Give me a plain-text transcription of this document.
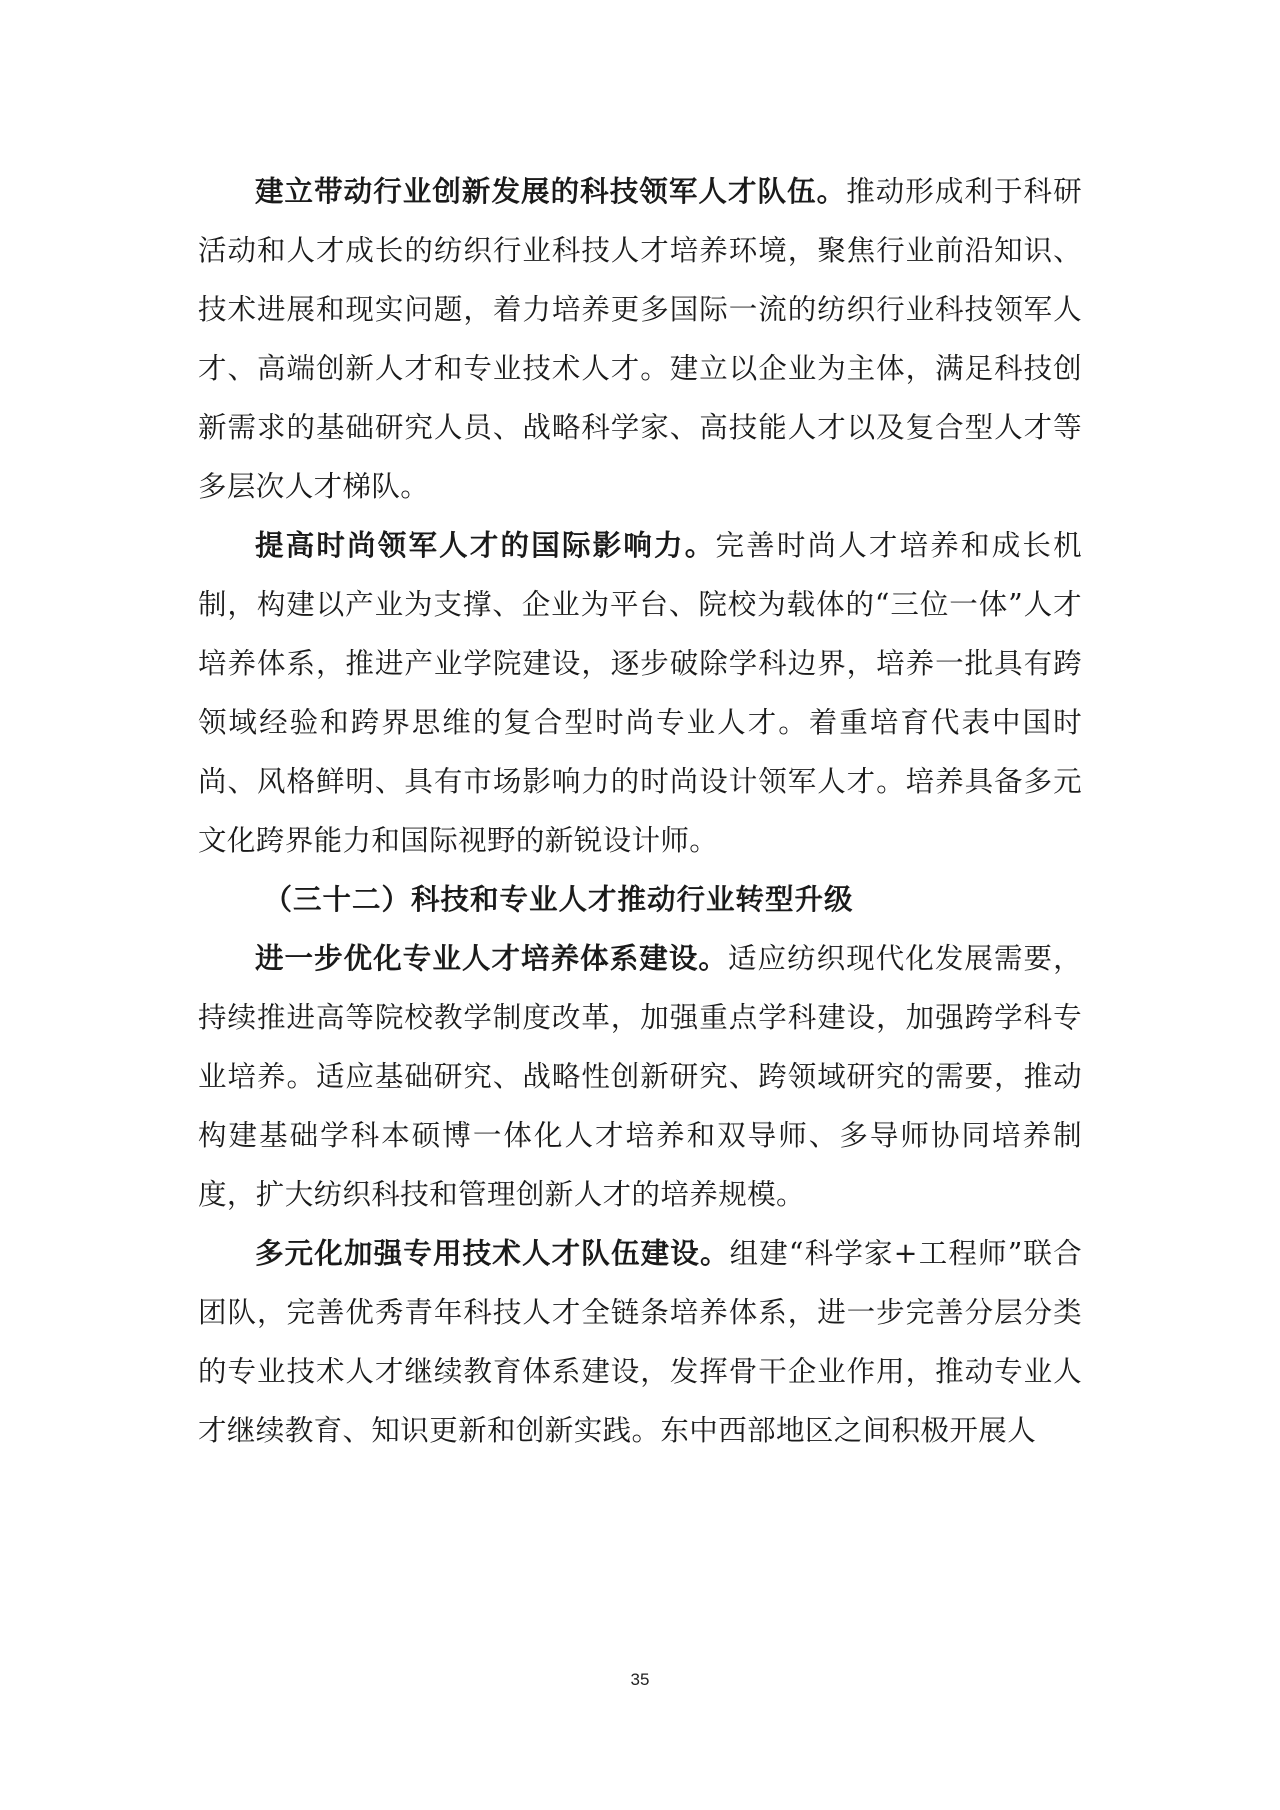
建立带动行业创新发展的科技领军人才队伍。推动形成利于科研活动和人才成长的纺织行业科技人才培养环境，聚焦行业前沿知识、技术进展和现实问题，着力培养更多国际一流的纺织行业科技领军人才、高端创新人才和专业技术人才。建立以企业为主体，满足科技创新需求的基础研究人员、战略科学家、高技能人才以及复合型人才等多层次人才梯队。

提高时尚领军人才的国际影响力。完善时尚人才培养和成长机制，构建以产业为支撑、企业为平台、院校为载体的“三位一体”人才培养体系，推进产业学院建设，逐步破除学科边界，培养一批具有跨领域经验和跨界思维的复合型时尚专业人才。着重培育代表中国时尚、风格鲜明、具有市场影响力的时尚设计领军人才。培养具备多元文化跨界能力和国际视野的新锐设计师。

（三十二）科技和专业人才推动行业转型升级

进一步优化专业人才培养体系建设。适应纺织现代化发展需要，持续推进高等院校教学制度改革，加强重点学科建设，加强跨学科专业培养。适应基础研究、战略性创新研究、跨领域研究的需要，推动构建基础学科本硕博一体化人才培养和双导师、多导师协同培养制度，扩大纺织科技和管理创新人才的培养规模。

多元化加强专用技术人才队伍建设。组建“科学家+工程师”联合团队，完善优秀青年科技人才全链条培养体系，进一步完善分层分类的专业技术人才继续教育体系建设，发挥骨干企业作用，推动专业人才继续教育、知识更新和创新实践。东中西部地区之间积极开展人

35
